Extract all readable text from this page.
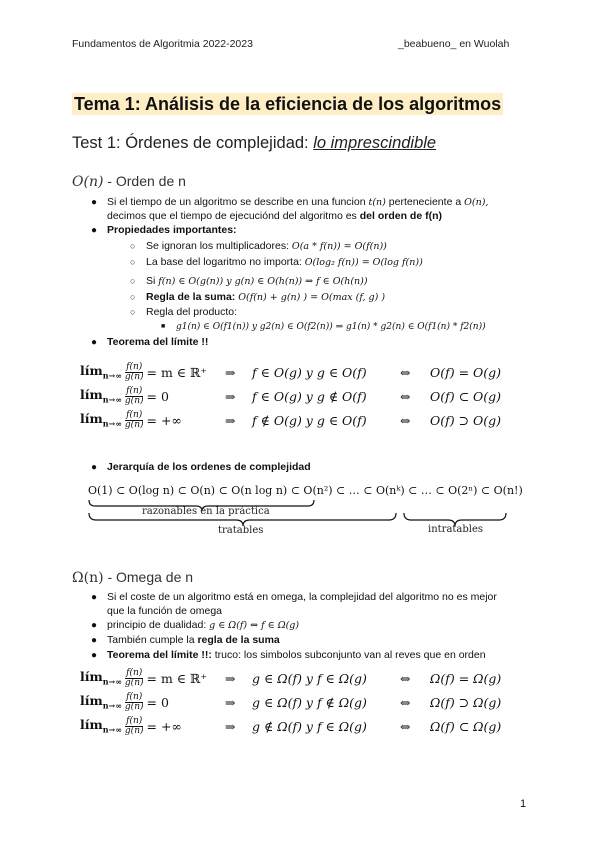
Fundamentos de Algoritmia 2022-2023	_beabueno_ en Wuolah
Tema 1: Análisis de la eficiencia de los algoritmos
Test 1: Órdenes de complejidad: lo imprescindible
O(n) - Orden de n
● Si el tiempo de un algoritmo se describe en una funcion t(n) perteneciente a O(n),
decimos que el tiempo de ejecuciónd del algoritmo es del orden de f(n)
● Propiedades importantes:
○ Se ignoran los multiplicadores: O(a * f(n)) = O(f(n))
○ La base del logaritmo no importa: O(log₂ f(n)) = O(log f(n))
○ Si f(n) ∈ O(g(n)) y g(n) ∈ O(h(n)) ⇒ f ∈ O(h(n))
○ Regla de la suma: O(f(n) + g(n) ) = O(max (f, g) )
○ Regla del producto:
■ g1(n) ∈ O(f1(n)) y g2(n) ∈ O(f2(n)) ⇒ g1(n) * g2(n) ∈ O(f1(n) * f2(n))
● Teorema del límite !!
lím$_{n\to\infty}$ $\frac{f(n)}{g(n)} = m$ ∈ ℝ⁺ ⇒ f ∈ O(g) y g ∈ O(f)	⇔ O(f) = O(g)
lím$_{n\to\infty}$ $\frac{f(n)}{g(n)} = 0$	⇒ f ∈ O(g) y g ∉ O(f)	⇔ O(f) ⊂ O(g)
lím$_{n\to\infty}$ $\frac{f(n)}{g(n)}$ = +∞	⇒ f ∉ O(g) y g ∈ O(f)	⇔ O(f) ⊃ O(g)
● Jerarquía de los ordenes de complejidad
O(1) ⊂ O(log n) ⊂ O(n) ⊂ O(n log n) ⊂ O(n²) ⊂ … ⊂ O(nᵏ) ⊂ … ⊂ O(2ⁿ) ⊂ O(n!)
razonables en la práctica
tratables	intratables
Ω(n) - Omega de n
● Si el coste de un algoritmo está en omega, la complejidad del algoritmo no es mejor
que la función de omega
● principio de dualidad: g ∈ Ω(f) ⇔ f ∈ Ω(g)
● También cumple la regla de la suma
● Teorema del límite !!: truco: los simbolos subconjunto van al reves que en orden
lím$_{n\to\infty}$ $\frac{f(n)}{g(n)} = m$ ∈ ℝ⁺ ⇒ g ∈ Ω(f) y f ∈ Ω(g)	⇔ Ω(f) = Ω(g)
lím$_{n\to\infty}$ $\frac{f(n)}{g(n)} = 0$	⇒ g ∈ Ω(f) y f ∉ Ω(g)	⇔ Ω(f) ⊃ Ω(g)
lím$_{n\to\infty}$ $\frac{f(n)}{g(n)}$ = +∞	⇒ g ∉ Ω(f) y f ∈ Ω(g)	⇔ Ω(f) ⊂ Ω(g)
1
